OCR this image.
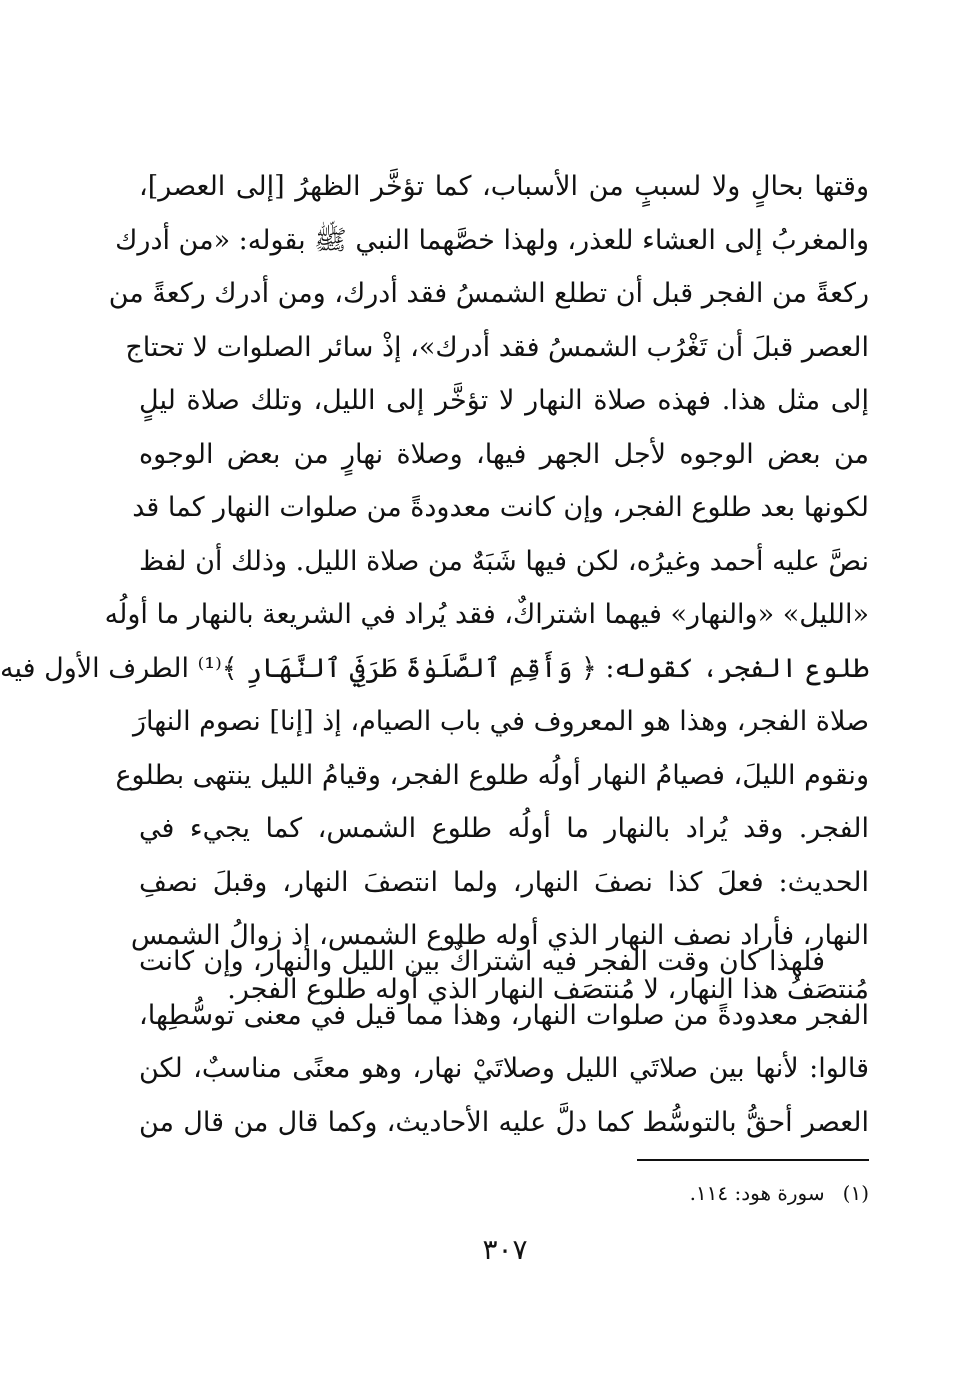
وقتها بحالٍ ولا لسببٍ من الأسباب، كما تؤخَّر الظهرُ [إلى العصر]،
والمغربُ إلى العشاء للعذر، ولهذا خصَّهما النبي ﷺ بقوله: «من أدرك
ركعةً من الفجر قبل أن تطلع الشمسُ فقد أدرك، ومن أدرك ركعةً من
العصر قبلَ أن تَغْرُب الشمسُ فقد أدرك»، إذْ سائر الصلوات لا تحتاج
إلى مثل هذا. فهذه صلاة النهار لا تؤخَّر إلى الليل، وتلك صلاة ليلٍ
من بعض الوجوه لأجل الجهر فيها، وصلاة نهارٍ من بعض الوجوه
لكونها بعد طلوع الفجر، وإن كانت معدودةً من صلوات النهار كما قد
نصَّ عليه أحمد وغيرُه، لكن فيها شَبَهٌ من صلاة الليل. وذلك أن لفظ
«الليل» «والنهار» فيهما اشتراكٌ، فقد يُراد في الشريعة بالنهار ما أولُه
طلوع الفجر، كقوله: ﴿ وَأَقِمِ ٱلصَّلَوٰةَ طَرَفَيِ ٱلنَّهَارِ ﴾⁽¹⁾ الطرف الأول فيه
صلاة الفجر، وهذا هو المعروف في باب الصيام، إذ [إنا] نصوم النهارَ
ونقوم الليلَ، فصيامُ النهار أولُه طلوع الفجر، وقيامُ الليل ينتهى بطلوع
الفجر. وقد يُراد بالنهار ما أولُه طلوع الشمس، كما يجيء في
الحديث: فعلَ كذا نصفَ النهار، ولما انتصفَ النهار، وقبلَ نصفِ
النهار، فأراد نصف النهار الذي أوله طلوع الشمس، إذ زوالُ الشمس
مُنتصَفُ هذا النهار، لا مُنتصَف النهار الذي أوله طلوع الفجر.
فلهذا كان وقت الفجر فيه اشتراكٌ بين الليل والنهار، وإن كانت
الفجر معدودةً من صلوات النهار، وهذا مما قيل في معنى توسُّطِها،
قالوا: لأنها بين صلاتَي الليل وصلاتَيْ نهار، وهو معنًى مناسبٌ، لكن
العصر أحقُّ بالتوسُّط كما دلَّ عليه الأحاديث، وكما قال من قال من
(١)سورة هود: ١١٤.
٣٠٧
